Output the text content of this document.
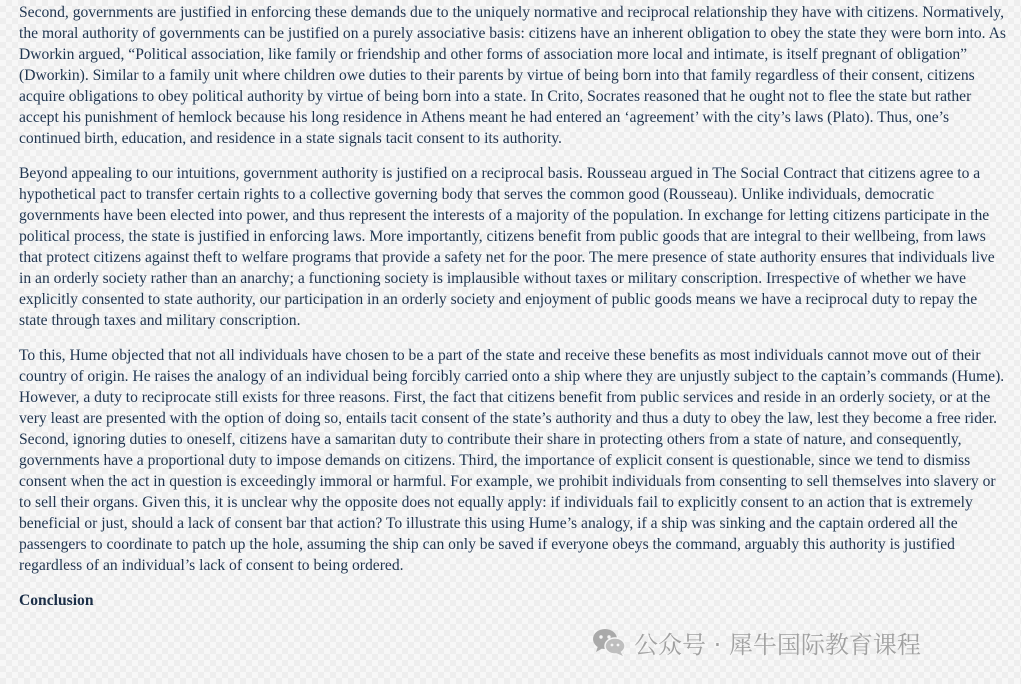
Second, governments are justified in enforcing these demands due to the uniquely normative and reciprocal relationship they have with citizens. Normatively, the moral authority of governments can be justified on a purely associative basis: citizens have an inherent obligation to obey the state they were born into. As Dworkin argued, “Political association, like family or friendship and other forms of association more local and intimate, is itself pregnant of obligation” (Dworkin). Similar to a family unit where children owe duties to their parents by virtue of being born into that family regardless of their consent, citizens acquire obligations to obey political authority by virtue of being born into a state. In Crito, Socrates reasoned that he ought not to flee the state but rather accept his punishment of hemlock because his long residence in Athens meant he had entered an ‘agreement’ with the city’s laws (Plato). Thus, one’s continued birth, education, and residence in a state signals tacit consent to its authority.

Beyond appealing to our intuitions, government authority is justified on a reciprocal basis. Rousseau argued in The Social Contract that citizens agree to a hypothetical pact to transfer certain rights to a collective governing body that serves the common good (Rousseau). Unlike individuals, democratic governments have been elected into power, and thus represent the interests of a majority of the population. In exchange for letting citizens participate in the political process, the state is justified in enforcing laws. More importantly, citizens benefit from public goods that are integral to their wellbeing, from laws that protect citizens against theft to welfare programs that provide a safety net for the poor. The mere presence of state authority ensures that individuals live in an orderly society rather than an anarchy; a functioning society is implausible without taxes or military conscription. Irrespective of whether we have explicitly consented to state authority, our participation in an orderly society and enjoyment of public goods means we have a reciprocal duty to repay the state through taxes and military conscription.

To this, Hume objected that not all individuals have chosen to be a part of the state and receive these benefits as most individuals cannot move out of their country of origin. He raises the analogy of an individual being forcibly carried onto a ship where they are unjustly subject to the captain’s commands (Hume). However, a duty to reciprocate still exists for three reasons. First, the fact that citizens benefit from public services and reside in an orderly society, or at the very least are presented with the option of doing so, entails tacit consent of the state’s authority and thus a duty to obey the law, lest they become a free rider. Second, ignoring duties to oneself, citizens have a samaritan duty to contribute their share in protecting others from a state of nature, and consequently, governments have a proportional duty to impose demands on citizens. Third, the importance of explicit consent is questionable, since we tend to dismiss consent when the act in question is exceedingly immoral or harmful. For example, we prohibit individuals from consenting to sell themselves into slavery or to sell their organs. Given this, it is unclear why the opposite does not equally apply: if individuals fail to explicitly consent to an action that is extremely beneficial or just, should a lack of consent bar that action? To illustrate this using Hume’s analogy, if a ship was sinking and the captain ordered all the passengers to coordinate to patch up the hole, assuming the ship can only be saved if everyone obeys the command, arguably this authority is justified regardless of an individual’s lack of consent to being ordered.

Conclusion
公众号 · 犀牛国际教育课程
